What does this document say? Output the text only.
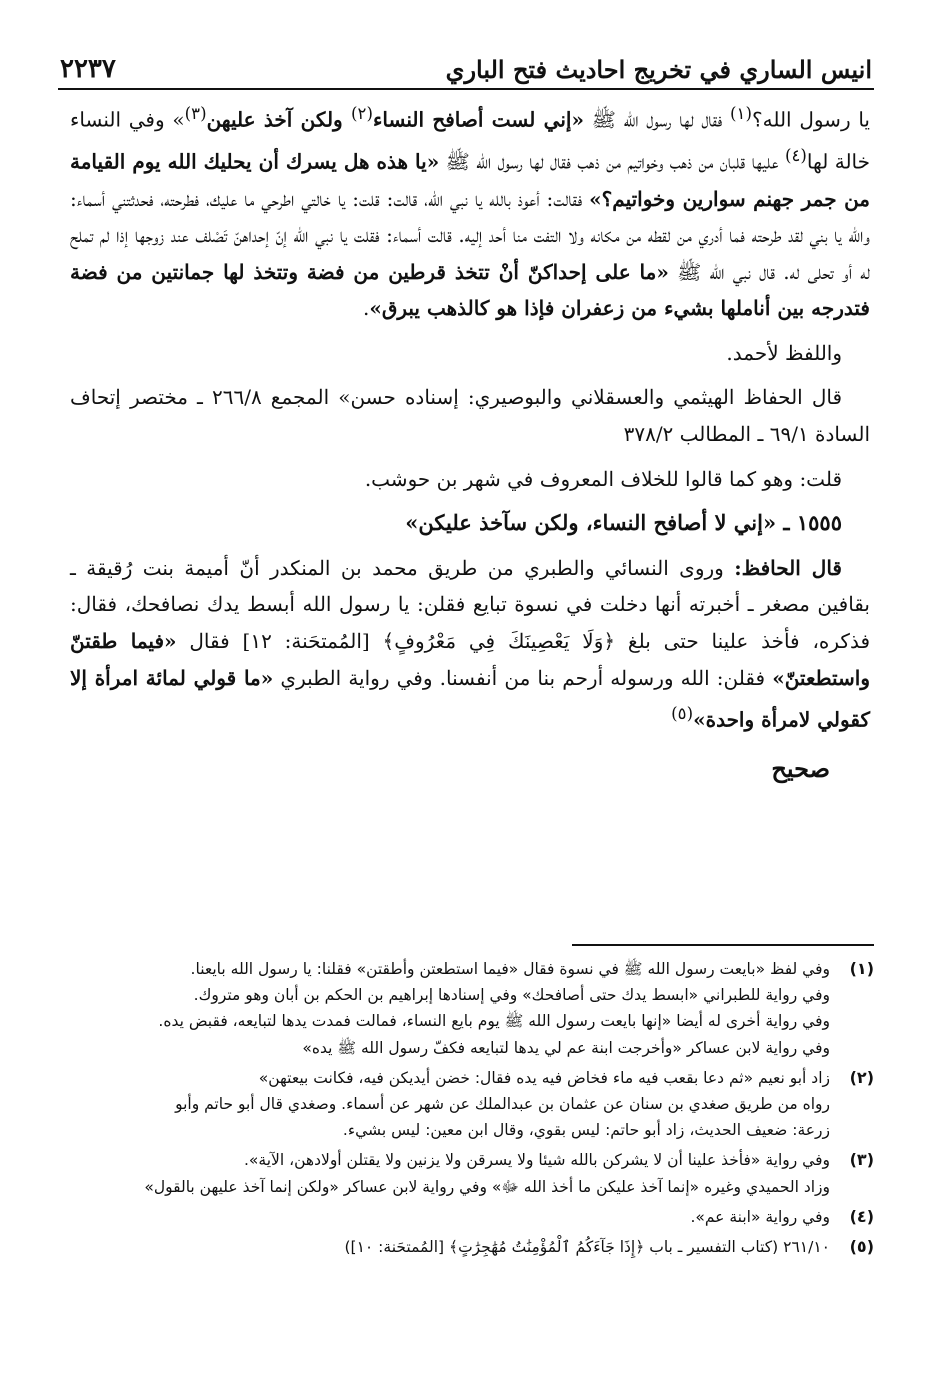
انيس الساري في تخريج احاديث فتح الباري
٢٢٣٧

يا رسول الله؟$^{(١)}$ فقال لها رسول الله ﷺ «إني لست أصافح النساء$^{(٢)}$ ولكن آخذ عليهن$^{(٣)}$» وفي النساء خالة لها$^{(٤)}$ عليها قلبان من ذهب وخواتيم من ذهب فقال لها رسول الله ﷺ «يا هذه هل يسرك أن يحليك الله يوم القيامة من جمر جهنم سوارين وخواتيم؟» فقالت: أعوذ بالله يا نبي الله، قالت: قلت: يا خالتي اطرحي ما عليك، فطرحته، فحدثتني أسماء: والله يا بني لقد طرحته فما أدري من لقطه من مكانه ولا التفت منا أحد إليه. قالت أسماء: فقلت يا نبي الله إنّ إحداهنّ تَصْلف عند زوجها إذا لم تملح له أو تحلى له. قال نبي الله ﷺ «ما على إحداكنّ أنْ تتخذ قرطين من فضة وتتخذ لها جمانتين من فضة فتدرجه بين أناملها بشيء من زعفران فإذا هو كالذهب يبرق».

واللفظ لأحمد.

قال الحفاظ الهيثمي والعسقلاني والبوصيري: إسناده حسن» المجمع ٢٦٦/٨ ـ مختصر إتحاف السادة ٦٩/١ ـ المطالب ٣٧٨/٢

قلت: وهو كما قالوا للخلاف المعروف في شهر بن حوشب.

١٥٥٥ ـ «إني لا أصافح النساء، ولكن سآخذ عليكن»

قال الحافظ: وروى النسائي والطبري من طريق محمد بن المنكدر أنّ أميمة بنت رُقيقة ـ بقافين مصغر ـ أخبرته أنها دخلت في نسوة تبايع فقلن: يا رسول الله أبسط يدك نصافحك، فقال: فذكره، فأخذ علينا حتى بلغ ﴿وَلَا يَعْصِينَكَ فِي مَعْرُوفٍ﴾ [المُمتحَنة: ١٢] فقال «فيما طقتنّ واستطعتنّ» فقلن: الله ورسوله أرحم بنا من أنفسنا. وفي رواية الطبري «ما قولي لمائة امرأة إلا كقولي لامرأة واحدة»$^{(٥)}$

صحيح
(١)

وفي لفظ «بايعت رسول الله ﷺ في نسوة فقال «فيما استطعتن وأطقتن» فقلنا: يا رسول الله بايعنا.

وفي رواية للطبراني «ابسط يدك حتى أصافحك» وفي إسنادها إبراهيم بن الحكم بن أبان وهو متروك.

وفي رواية أخرى له أيضا «إنها بايعت رسول الله ﷺ يوم بايع النساء، فمالت فمدت يدها لتبايعه، فقبض يده.

وفي رواية لابن عساكر «وأخرجت ابنة عم لي يدها لتبايعه فكفّ رسول الله ﷺ يده»

(٢)

زاد أبو نعيم «ثم دعا بقعب فيه ماء فخاض فيه يده فقال: خضن أيديكن فيه، فكانت بيعتهن»

رواه من طريق صغدي بن سنان عن عثمان بن عبدالملك عن شهر عن أسماء. وصغدي قال أبو حاتم وأبو

زرعة: ضعيف الحديث، زاد أبو حاتم: ليس بقوي، وقال ابن معين: ليس بشيء.

(٣)

وفي رواية «فأخذ علينا أن لا يشركن بالله شيئا ولا يسرقن ولا يزنين ولا يقتلن أولادهن، الآية».

وزاد الحميدي وغيره «إنما آخذ عليكن ما أخذ الله ﷻ» وفي رواية لابن عساكر «ولكن إنما آخذ عليهن بالقول»

(٤)

وفي رواية «ابنة عم».

(٥)

٢٦١/١٠ (كتاب التفسير ـ باب ﴿إِذَا جَآءَكُمُ ٱلْمُؤْمِنَٰتُ مُهَٰجِرَٰتٍ﴾ [المُمتحَنة: ١٠])
